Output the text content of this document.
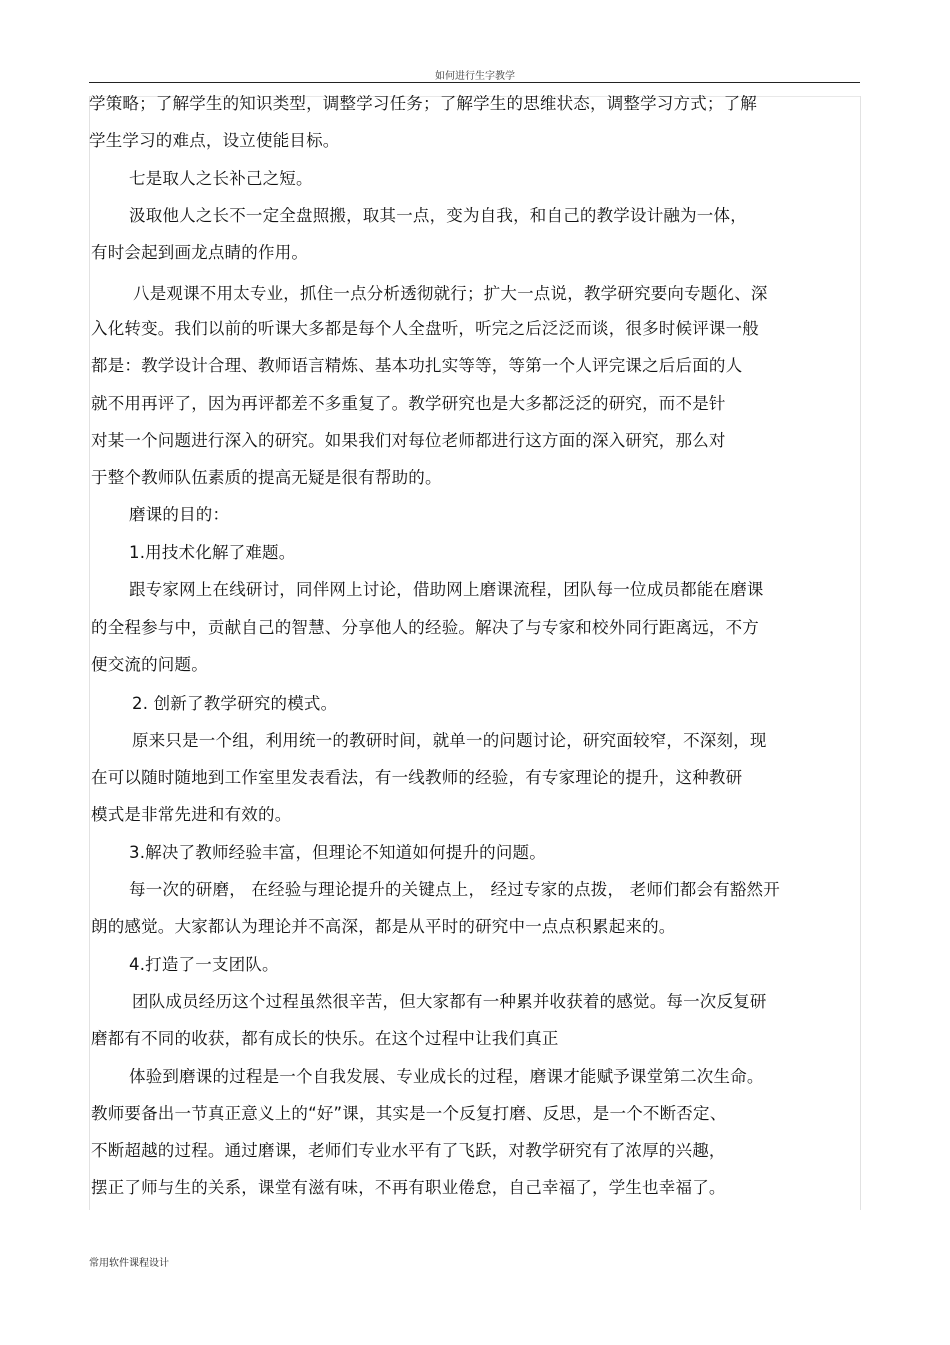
如何进行生字教学
学策略；了解学生的知识类型，调整学习任务；了解学生的思维状态，调整学习方式；了解
学生学习的难点，设立使能目标。
七是取人之长补己之短。
汲取他人之长不一定全盘照搬，取其一点，变为自我，和自己的教学设计融为一体，
有时会起到画龙点睛的作用。
八是观课不用太专业，抓住一点分析透彻就行；扩大一点说，教学研究要向专题化、深
入化转变。我们以前的听课大多都是每个人全盘听，听完之后泛泛而谈，很多时候评课一般
都是：教学设计合理、教师语言精炼、基本功扎实等等，等第一个人评完课之后后面的人
就不用再评了，因为再评都差不多重复了。教学研究也是大多都泛泛的研究，而不是针
对某一个问题进行深入的研究。如果我们对每位老师都进行这方面的深入研究，那么对
于整个教师队伍素质的提高无疑是很有帮助的。
磨课的目的：
1.用技术化解了难题。
跟专家网上在线研讨，同伴网上讨论，借助网上磨课流程，团队每一位成员都能在磨课
的全程参与中，贡献自己的智慧、分享他人的经验。解决了与专家和校外同行距离远，不方
便交流的问题。
2. 创新了教学研究的模式。
原来只是一个组，利用统一的教研时间，就单一的问题讨论，研究面较窄，不深刻，现
在可以随时随地到工作室里发表看法，有一线教师的经验，有专家理论的提升，这种教研
模式是非常先进和有效的。
3.解决了教师经验丰富，但理论不知道如何提升的问题。
每一次的研磨， 在经验与理论提升的关键点上， 经过专家的点拨， 老师们都会有豁然开
朗的感觉。大家都认为理论并不高深，都是从平时的研究中一点点积累起来的。
4.打造了一支团队。
团队成员经历这个过程虽然很辛苦，但大家都有一种累并收获着的感觉。每一次反复研
磨都有不同的收获，都有成长的快乐。在这个过程中让我们真正
体验到磨课的过程是一个自我发展、专业成长的过程，磨课才能赋予课堂第二次生命。
教师要备出一节真正意义上的“好”课，其实是一个反复打磨、反思，是一个不断否定、
不断超越的过程。通过磨课，老师们专业水平有了飞跃，对教学研究有了浓厚的兴趣，
摆正了师与生的关系，课堂有滋有味，不再有职业倦怠，自己幸福了，学生也幸福了。
常用软件课程设计
